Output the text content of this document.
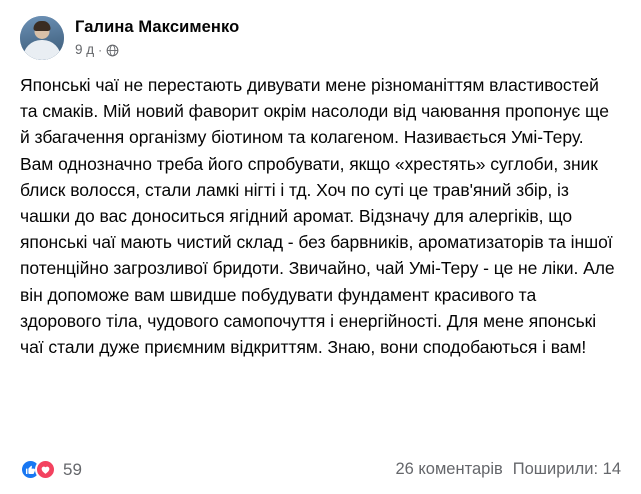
Галина Максименко
9 д ·

Японські чаї не перестають дивувати мене різноманіттям властивостей та смаків. Мій новий фаворит окрім насолоди від чаювання пропонує ще й збагачення організму біотином та колагеном. Називається Умі-Теру. Вам однозначно треба його спробувати, якщо «хрестять» суглоби, зник блиск волосся, стали ламкі нігті і тд. Хоч по суті це трав'яний збір, із чашки до вас доноситься ягідний аромат. Відзначу для алергіків, що японські чаї мають чистий склад - без барвників, ароматизаторів та іншої потенційно загрозливої бридоти. Звичайно, чай Умі-Теру - це не ліки. Але він допоможе вам швидше побудувати фундамент красивого та здорового тіла, чудового самопочуття і енергійності. Для мене японські чаї стали дуже приємним відкриттям. Знаю, вони сподобаються і вам!

59	26 коментарів Поширили: 14
